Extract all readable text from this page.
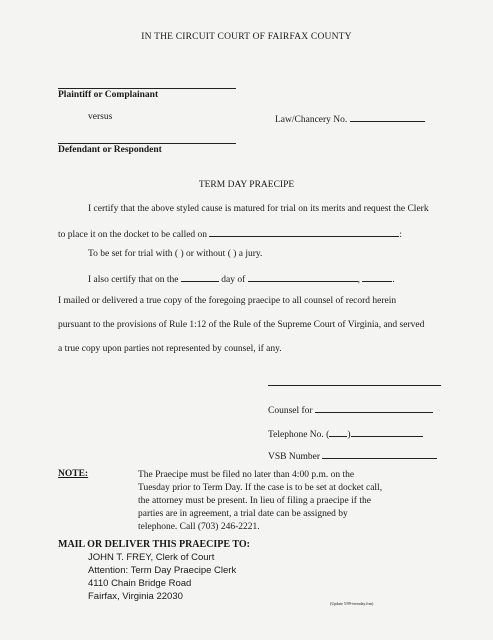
IN THE CIRCUIT COURT OF FAIRFAX COUNTY
Plaintiff or Complainant
versus	Law/Chancery No.
Defendant or Respondent
TERM DAY PRAECIPE
I certify that the above styled cause is matured for trial on its merits and request the Clerk
to place it on the docket to be called on	:
To be set for trial with ( ) or without ( ) a jury.
I also certify that on the	day of	,	.
I mailed or delivered a true copy of the foregoing praecipe to all counsel of record herein
pursuant to the provisions of Rule 1:12 of the Rule of the Supreme Court of Virginia, and served
a true copy upon parties not represented by counsel, if any.
Counsel for
Telephone No. ( )
VSB Number
NOTE:	The Praecipe must be filed no later than 4:00 p.m. on the Tuesday prior to Term Day. If the case is to be set at docket call, the attorney must be present. In lieu of filing a praecipe if the parties are in agreement, a trial date can be assigned by telephone. Call (703) 246-2221.
MAIL OR DELIVER THIS PRAECIPE TO:
JOHN T. FREY, Clerk of Court
Attention: Term Day Praecipe Clerk
4110 Chain Bridge Road
Fairfax, Virginia 22030
(Update 5/99-termday.frm)
